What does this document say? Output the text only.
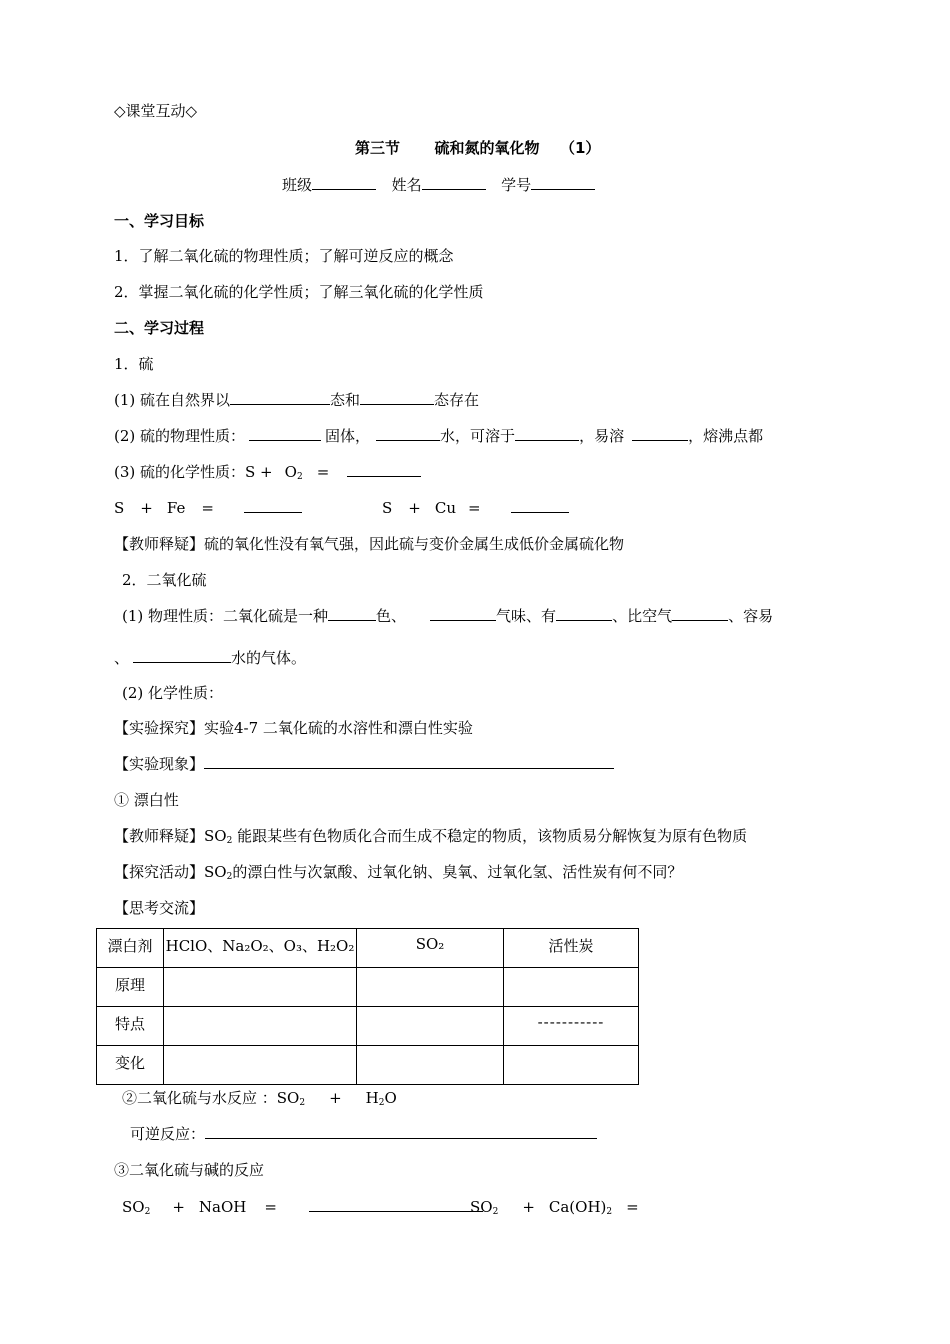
◇课堂互动◇
第三节 硫和氮的氧化物 （1）
班级	姓名	学号
一、学习目标
1．了解二氧化硫的物理性质；了解可逆反应的概念
2．掌握二氧化硫的化学性质；了解三氧化硫的化学性质
二、学习过程
1．硫
(1) 硫在自然界以	态和	态存在
(2) 硫的物理性质：	固体，	水，可溶于	，易溶	，熔沸点都
(3) 硫的化学性质：$S + O_2$ =
S + Fe =	S + Cu =
【教师释疑】硫的氧化性没有氧气强，因此硫与变价金属生成低价金属硫化物
2．二氧化硫
(1) 物理性质：二氧化硫是一种	色、	气味、有	、比空气	、容易
、	水的气体。
(2) 化学性质：
【实验探究】实验4-7 二氧化硫的水溶性和漂白性实验
【实验现象】
① 漂白性
【教师释疑】$SO_2$ 能跟某些有色物质化合而生成不稳定的物质，该物质易分解恢复为原有色物质
【探究活动】$SO_2$的漂白性与次氯酸、过氧化钠、臭氧、过氧化氢、活性炭有何不同？
【思考交流】
漂白剂	HClO、Na₂O₂、O₃、H₂O₂	SO₂	活性炭
原理			
特点			-----------
变化			
②二氧化硫与水反应 ：$SO_2 + H_2O$
可逆反应：
③二氧化硫与碱的反应
$SO_2$ + NaOH =	$SO_2 + Ca(OH)_2$ =
